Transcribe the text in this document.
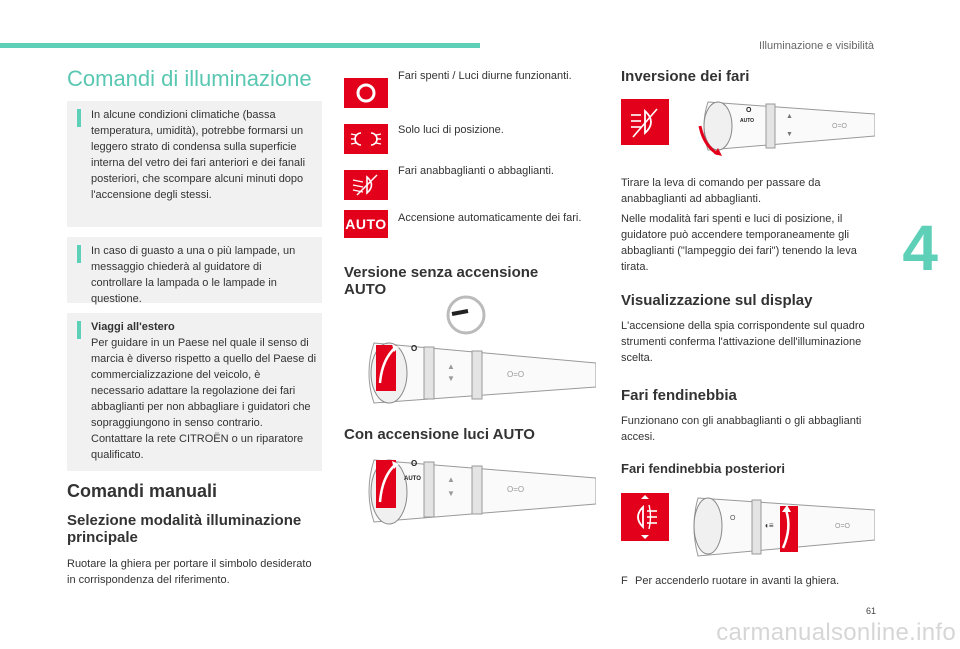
Illuminazione e visibilità
4
61
Comandi di illuminazione

In alcune condizioni climatiche (bassa temperatura, umidità), potrebbe formarsi un leggero strato di condensa sulla superficie interna del vetro dei fari anteriori e dei fanali posteriori, che scompare alcuni minuti dopo l'accensione degli stessi.

In caso di guasto a una o più lampade, un messaggio chiederà al guidatore di controllare la lampada o le lampade in questione.

Viaggi all'estero

Per guidare in un Paese nel quale il senso di marcia è diverso rispetto a quello del Paese di commercializzazione del veicolo, è necessario adattare la regolazione dei fari abbaglianti per non abbagliare i guidatori che sopraggiungono in senso contrario. Contattare la rete CITROËN o un riparatore qualificato.

Comandi manuali
Selezione modalità illuminazione principale

Ruotare la ghiera per portare il simbolo desiderato in corrispondenza del riferimento.

Fari spenti / Luci diurne funzionanti.
Solo luci di posizione.
Fari anabbaglianti o abbaglianti.
AUTO Accensione automaticamente dei fari.
Versione senza accensione AUTO
O
O=O
▲
▼
Con accensione luci AUTO
O
AUTO
O=O
▲
▼
Inversione dei fari
O
AUTO
O=O
▲
▼

Tirare la leva di comando per passare da anabbaglianti ad abbaglianti.

Nelle modalità fari spenti e luci di posizione, il guidatore può accendere temporaneamente gli abbaglianti ("lampeggio dei fari") tenendo la leva tirata.

Visualizzazione sul display

L'accensione della spia corrispondente sul quadro strumenti conferma l'attivazione dell'illuminazione scelta.

Fari fendinebbia

Funzionano con gli anabbaglianti o gli abbaglianti accesi.

Fari fendinebbia posteriori
O
◖≡	O=O
F Per accenderlo ruotare in avanti la ghiera.
carmanualsonline.info
